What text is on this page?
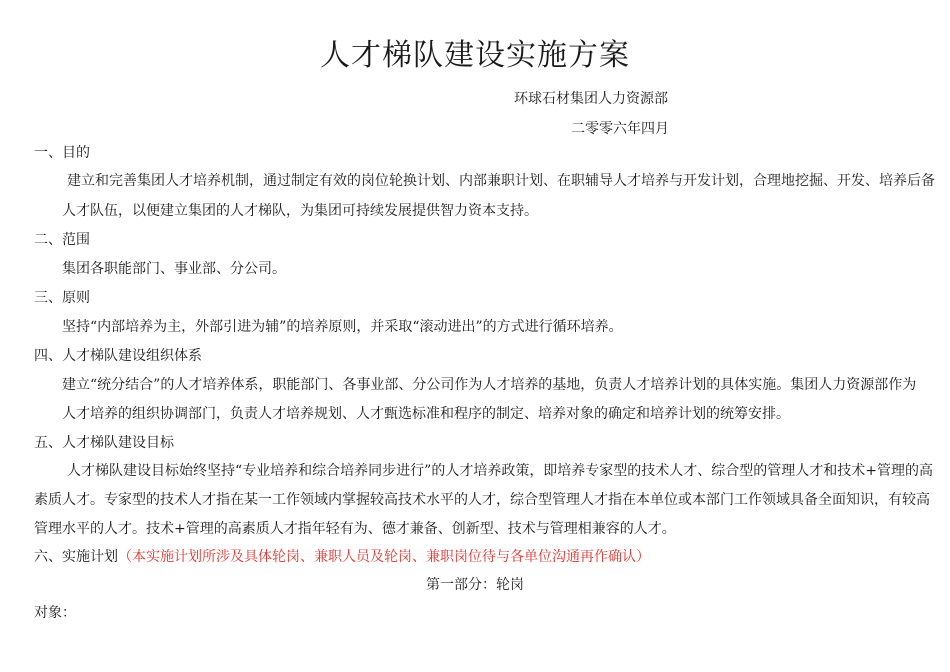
人才梯队建设实施方案
环球石材集团人力资源部
二零零六年四月
一、目的
建立和完善集团人才培养机制，通过制定有效的岗位轮换计划、内部兼职计划、在职辅导人才培养与开发计划，合理地挖掘、开发、培养后备
人才队伍，以便建立集团的人才梯队，为集团可持续发展提供智力资本支持。
二、范围
集团各职能部门、事业部、分公司。
三、原则
坚持“内部培养为主，外部引进为辅”的培养原则，并采取“滚动进出”的方式进行循环培养。
四、人才梯队建设组织体系
建立“统分结合”的人才培养体系，职能部门、各事业部、分公司作为人才培养的基地，负责人才培养计划的具体实施。集团人力资源部作为
人才培养的组织协调部门，负责人才培养规划、人才甄选标准和程序的制定、培养对象的确定和培养计划的统筹安排。
五、人才梯队建设目标
人才梯队建设目标始终坚持“专业培养和综合培养同步进行”的人才培养政策，即培养专家型的技术人才、综合型的管理人才和技术+管理的高
素质人才。专家型的技术人才指在某一工作领域内掌握较高技术水平的人才，综合型管理人才指在本单位或本部门工作领域具备全面知识，有较高
管理水平的人才。技术+管理的高素质人才指年轻有为、德才兼备、创新型、技术与管理相兼容的人才。
六、实施计划（本实施计划所涉及具体轮岗、兼职人员及轮岗、兼职岗位待与各单位沟通再作确认）
第一部分：轮岗
对象：
